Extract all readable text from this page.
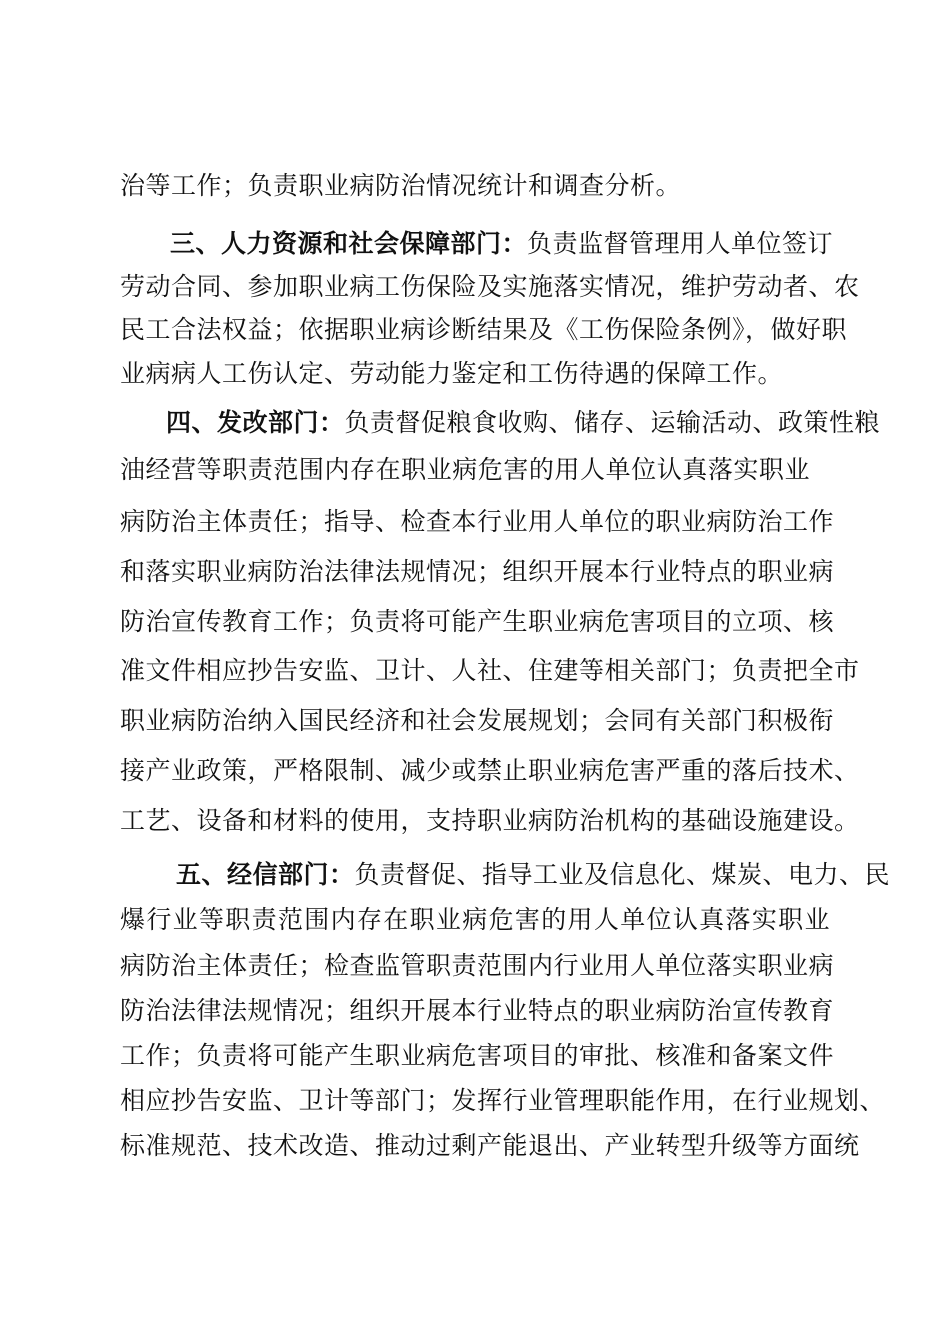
治等工作；负责职业病防治情况统计和调查分析。
三、人力资源和社会保障部门：负责监督管理用人单位签订
劳动合同、参加职业病工伤保险及实施落实情况，维护劳动者、农
民工合法权益；依据职业病诊断结果及《工伤保险条例》，做好职
业病病人工伤认定、劳动能力鉴定和工伤待遇的保障工作。
四、发改部门：负责督促粮食收购、储存、运输活动、政策性粮
油经营等职责范围内存在职业病危害的用人单位认真落实职业
病防治主体责任；指导、检查本行业用人单位的职业病防治工作
和落实职业病防治法律法规情况；组织开展本行业特点的职业病
防治宣传教育工作；负责将可能产生职业病危害项目的立项、核
准文件相应抄告安监、卫计、人社、住建等相关部门；负责把全市
职业病防治纳入国民经济和社会发展规划；会同有关部门积极衔
接产业政策，严格限制、减少或禁止职业病危害严重的落后技术、
工艺、设备和材料的使用，支持职业病防治机构的基础设施建设。
五、经信部门：负责督促、指导工业及信息化、煤炭、电力、民
爆行业等职责范围内存在职业病危害的用人单位认真落实职业
病防治主体责任；检查监管职责范围内行业用人单位落实职业病
防治法律法规情况；组织开展本行业特点的职业病防治宣传教育
工作；负责将可能产生职业病危害项目的审批、核准和备案文件
相应抄告安监、卫计等部门；发挥行业管理职能作用，在行业规划、
标准规范、技术改造、推动过剩产能退出、产业转型升级等方面统
